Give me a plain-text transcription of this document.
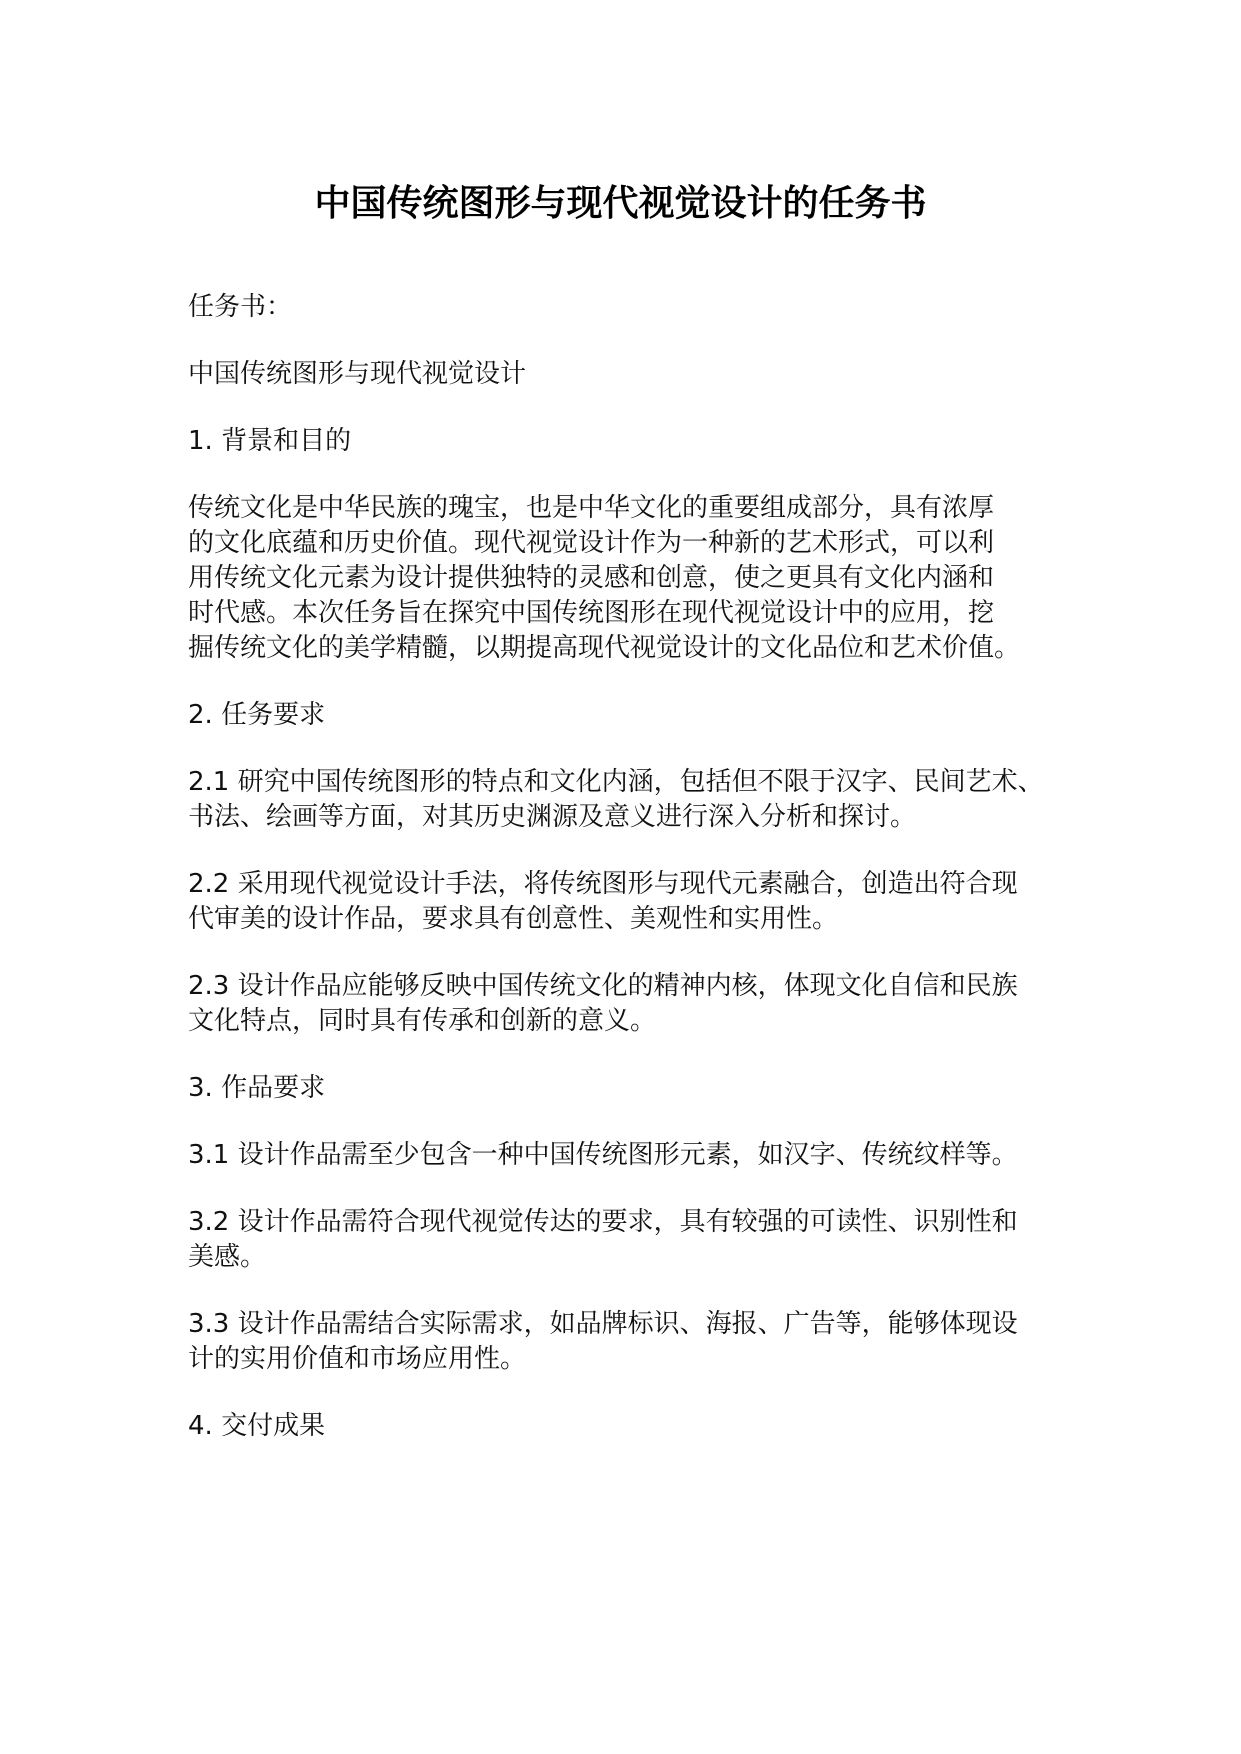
中国传统图形与现代视觉设计的任务书

任务书：

中国传统图形与现代视觉设计

1. 背景和目的

传统文化是中华民族的瑰宝，也是中华文化的重要组成部分，具有浓厚
的文化底蕴和历史价值。现代视觉设计作为一种新的艺术形式，可以利
用传统文化元素为设计提供独特的灵感和创意，使之更具有文化内涵和
时代感。本次任务旨在探究中国传统图形在现代视觉设计中的应用，挖
掘传统文化的美学精髓，以期提高现代视觉设计的文化品位和艺术价值。

2. 任务要求

2.1 研究中国传统图形的特点和文化内涵，包括但不限于汉字、民间艺术、
书法、绘画等方面，对其历史渊源及意义进行深入分析和探讨。

2.2 采用现代视觉设计手法，将传统图形与现代元素融合，创造出符合现
代审美的设计作品，要求具有创意性、美观性和实用性。

2.3 设计作品应能够反映中国传统文化的精神内核，体现文化自信和民族
文化特点，同时具有传承和创新的意义。

3. 作品要求

3.1 设计作品需至少包含一种中国传统图形元素，如汉字、传统纹样等。

3.2 设计作品需符合现代视觉传达的要求，具有较强的可读性、识别性和
美感。

3.3 设计作品需结合实际需求，如品牌标识、海报、广告等，能够体现设
计的实用价值和市场应用性。

4. 交付成果
